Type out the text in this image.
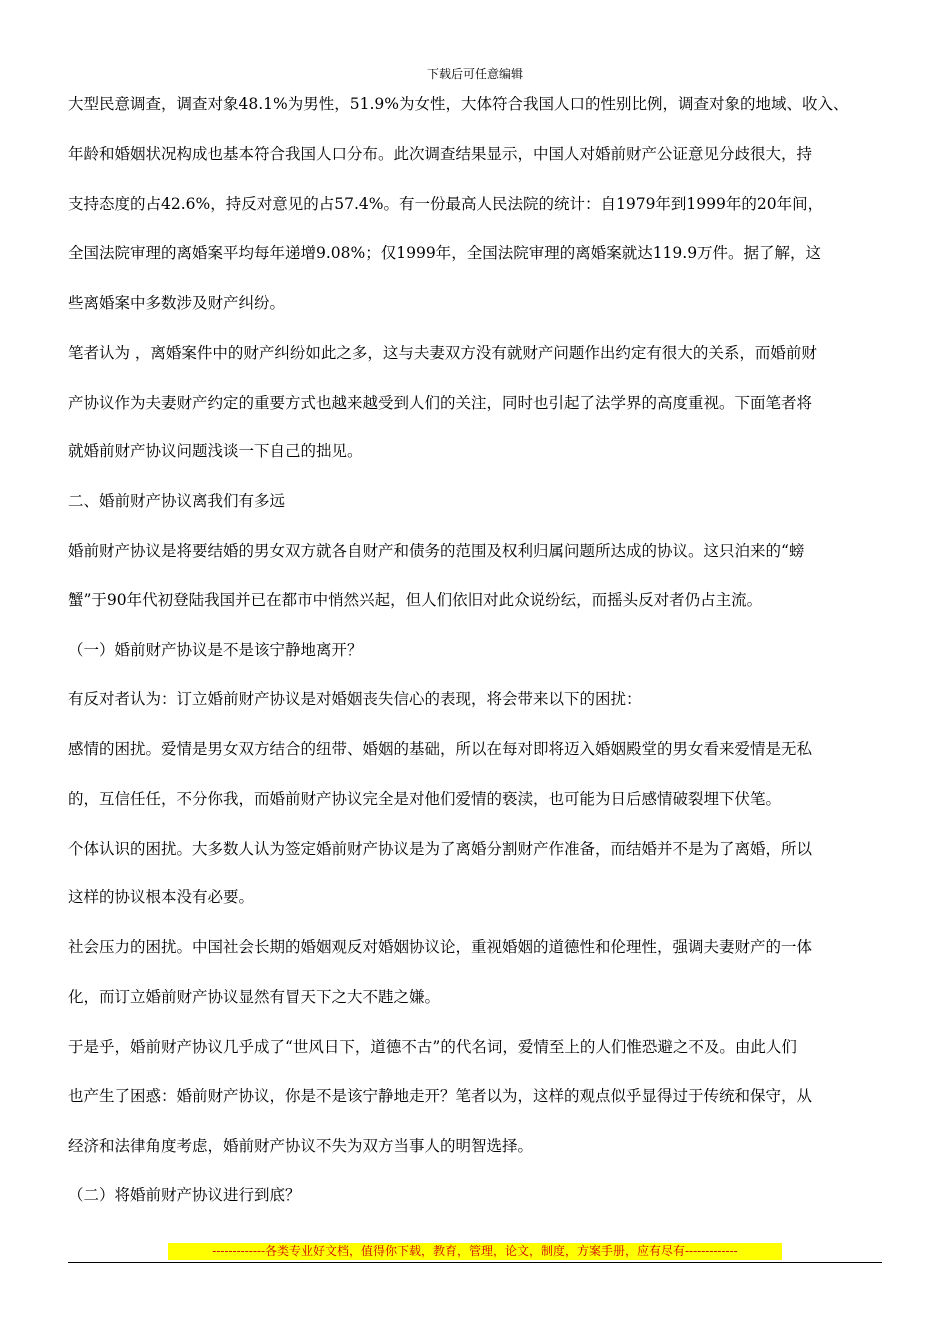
下载后可任意编辑
大型民意调查，调查对象48.1%为男性，51.9%为女性，大体符合我国人口的性别比例，调查对象的地域、收入、
年龄和婚姻状况构成也基本符合我国人口分布。此次调查结果显示，中国人对婚前财产公证意见分歧很大，持
支持态度的占42.6%，持反对意见的占57.4%。有一份最高人民法院的统计：自1979年到1999年的20年间，
全国法院审理的离婚案平均每年递增9.08%；仅1999年，全国法院审理的离婚案就达119.9万件。据了解，这
些离婚案中多数涉及财产纠纷。
笔者认为 ，离婚案件中的财产纠纷如此之多，这与夫妻双方没有就财产问题作出约定有很大的关系，而婚前财
产协议作为夫妻财产约定的重要方式也越来越受到人们的关注，同时也引起了法学界的高度重视。下面笔者将
就婚前财产协议问题浅谈一下自己的拙见。
二、婚前财产协议离我们有多远
婚前财产协议是将要结婚的男女双方就各自财产和债务的范围及权利归属问题所达成的协议。这只泊来的“螃
蟹”于90年代初登陆我国并已在都市中悄然兴起，但人们依旧对此众说纷纭，而摇头反对者仍占主流。
（一）婚前财产协议是不是该宁静地离开？
有反对者认为：订立婚前财产协议是对婚姻丧失信心的表现，将会带来以下的困扰：
感情的困扰。爱情是男女双方结合的纽带、婚姻的基础，所以在每对即将迈入婚姻殿堂的男女看来爱情是无私
的，互信任任，不分你我，而婚前财产协议完全是对他们爱情的亵渎，也可能为日后感情破裂埋下伏笔。
个体认识的困扰。大多数人认为签定婚前财产协议是为了离婚分割财产作准备，而结婚并不是为了离婚，所以
这样的协议根本没有必要。
社会压力的困扰。中国社会长期的婚姻观反对婚姻协议论，重视婚姻的道德性和伦理性，强调夫妻财产的一体
化，而订立婚前财产协议显然有冒天下之大不韪之嫌。
于是乎，婚前财产协议几乎成了“世风日下，道德不古”的代名词，爱情至上的人们惟恐避之不及。由此人们
也产生了困惑：婚前财产协议，你是不是该宁静地走开？笔者以为，这样的观点似乎显得过于传统和保守，从
经济和法律角度考虑，婚前财产协议不失为双方当事人的明智选择。
（二）将婚前财产协议进行到底？
-------------各类专业好文档，值得你下载，教育，管理，论文，制度，方案手册，应有尽有-------------
